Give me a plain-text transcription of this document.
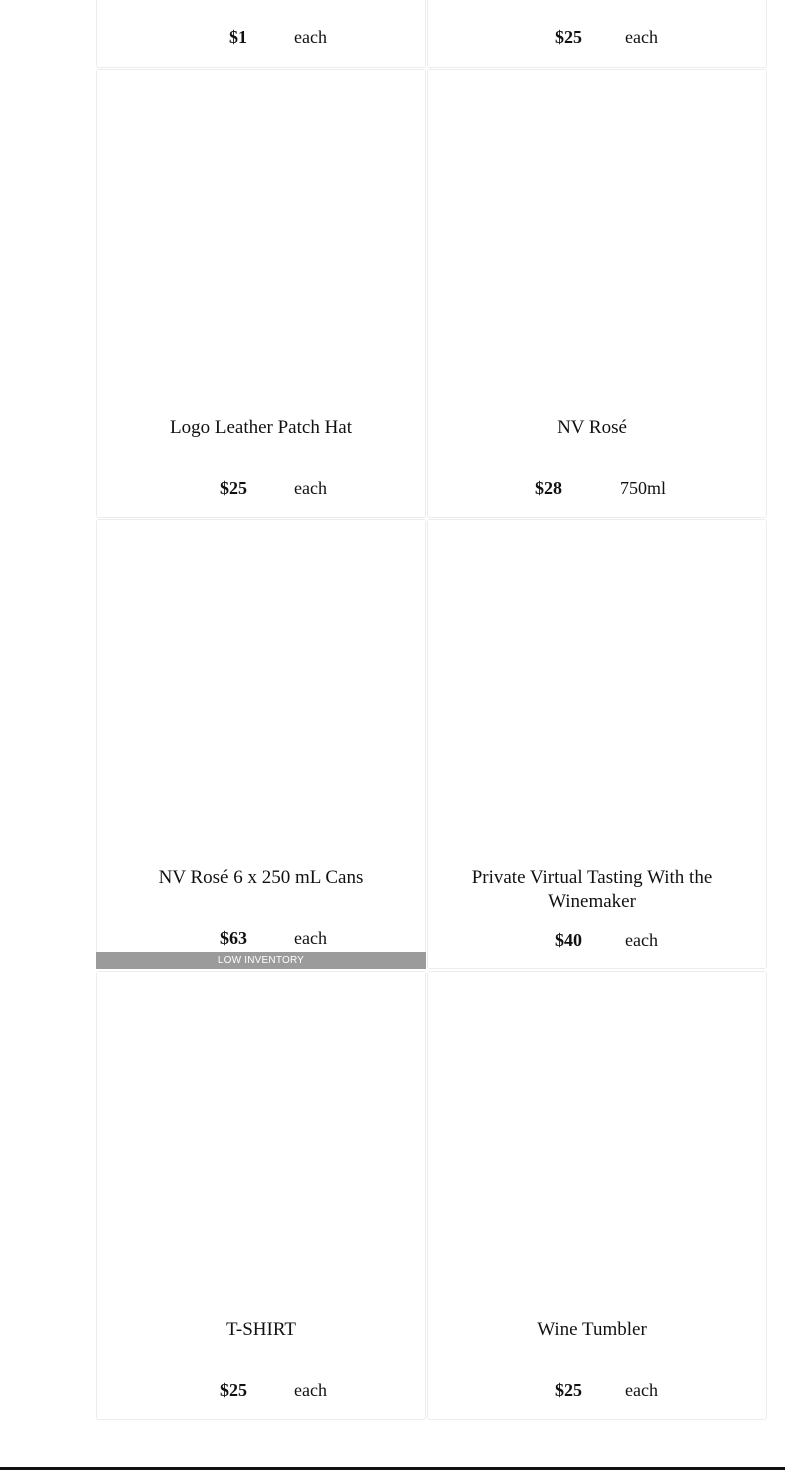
$1	each	$25 each
Logo Leather Patch Hat
$25	each
NV Rosé
$28	750ml
NV Rosé 6 x 250 mL Cans
$63	each
LOW INVENTORY
Private Virtual Tasting With the Winemaker
$40 each
T-SHIRT
$25	each
Wine Tumbler
$25 each
